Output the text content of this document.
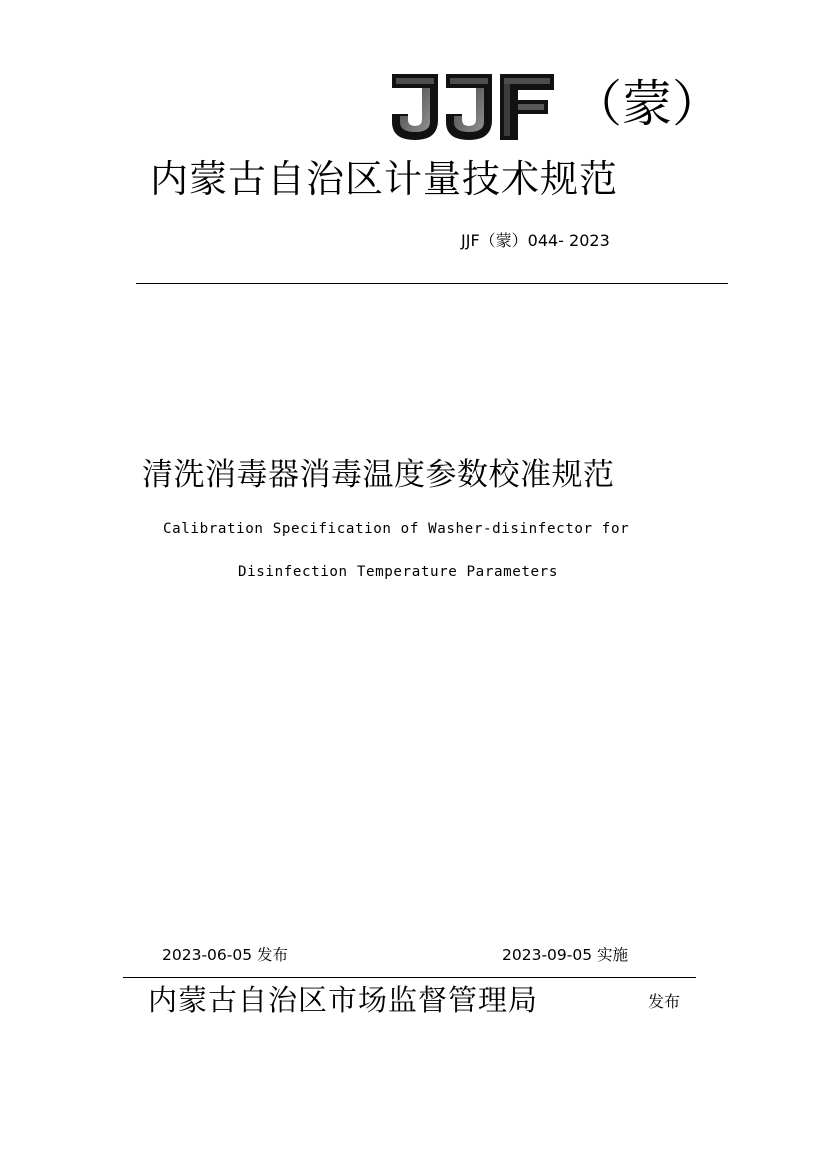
（蒙）
内蒙古自治区计量技术规范
JJF（蒙）044- 2023
清洗消毒器消毒温度参数校准规范
Calibration Specification of Washer-disinfector for
Disinfection Temperature Parameters
2023-06-05 发布	2023-09-05 实施
内蒙古自治区市场监督管理局	发布
